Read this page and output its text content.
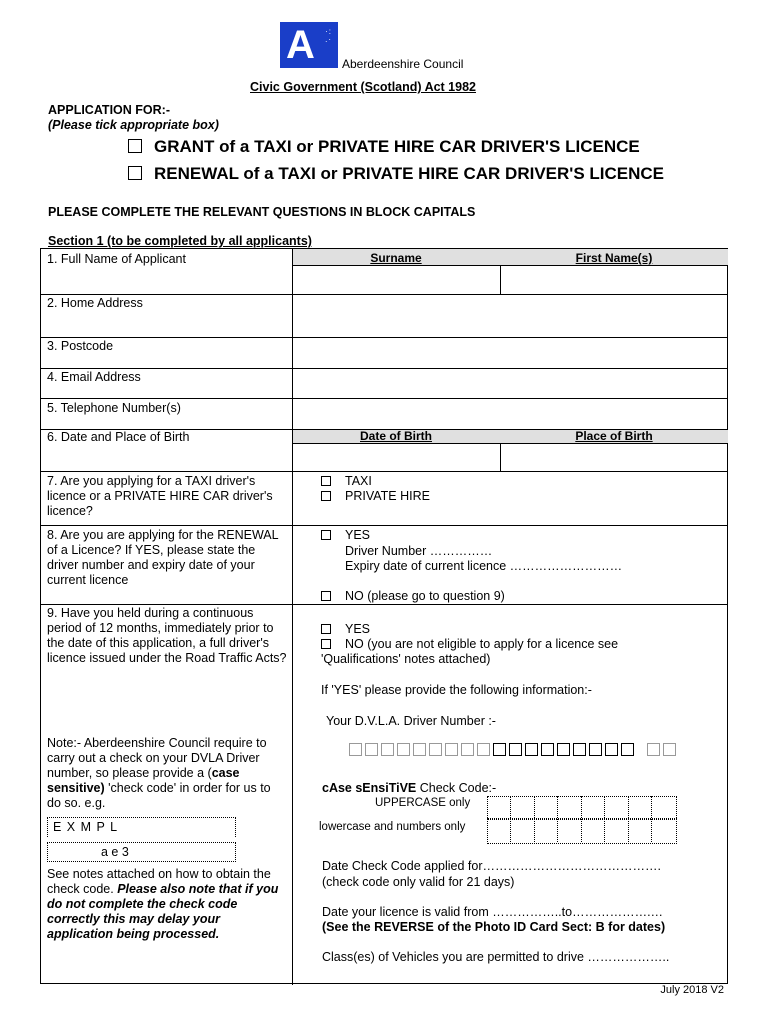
A ·:
.·
Aberdeenshire Council
Civic Government (Scotland) Act 1982
APPLICATION FOR:-
(Please tick appropriate box)
GRANT of a TAXI or PRIVATE HIRE CAR DRIVER'S LICENCE
RENEWAL of a TAXI or PRIVATE HIRE CAR DRIVER'S LICENCE
PLEASE COMPLETE THE RELEVANT QUESTIONS IN BLOCK CAPITALS
Section 1 (to be completed by all applicants)
Surname	First Name(s)
Date of Birth	Place of Birth
1. Full Name of Applicant
2. Home Address
3. Postcode
4. Email Address
5. Telephone Number(s)
6. Date and Place of Birth
7. Are you applying for a TAXI driver's licence or a PRIVATE HIRE CAR driver's licence?
8. Are you are applying for the RENEWAL of a Licence? If YES, please state the driver number and expiry date of your current licence
9. Have you held during a continuous period of 12 months, immediately prior to the date of this application, a full driver's licence issued under the Road Traffic Acts?
TAXI
PRIVATE HIRE
YES
Driver Number ……………
Expiry date of current licence ………………………
NO (please go to question 9)
YES
NO (you are not eligible to apply for a licence see 'Qualifications' notes attached)
If 'YES' please provide the following information:-
Your D.V.L.A. Driver Number :-
Note:- Aberdeenshire Council require to carry out a check on your DVLA Driver number, so please provide a (case sensitive) 'check code' in order for us to do so. e.g.
E X M P L
a e 3
See notes attached on how to obtain the check code. Please also note that if you do not complete the check code correctly this may delay your application being processed.
cAse sEnsiTiVE Check Code:-
UPPERCASE only
lowercase and numbers only
Date Check Code applied for…………………………………….
(check code only valid for 21 days)
Date your licence is valid from ……………..to……………….…
(See the REVERSE of the Photo ID Card Sect: B for dates)
Class(es) of Vehicles you are permitted to drive ………………..
July 2018 V2
